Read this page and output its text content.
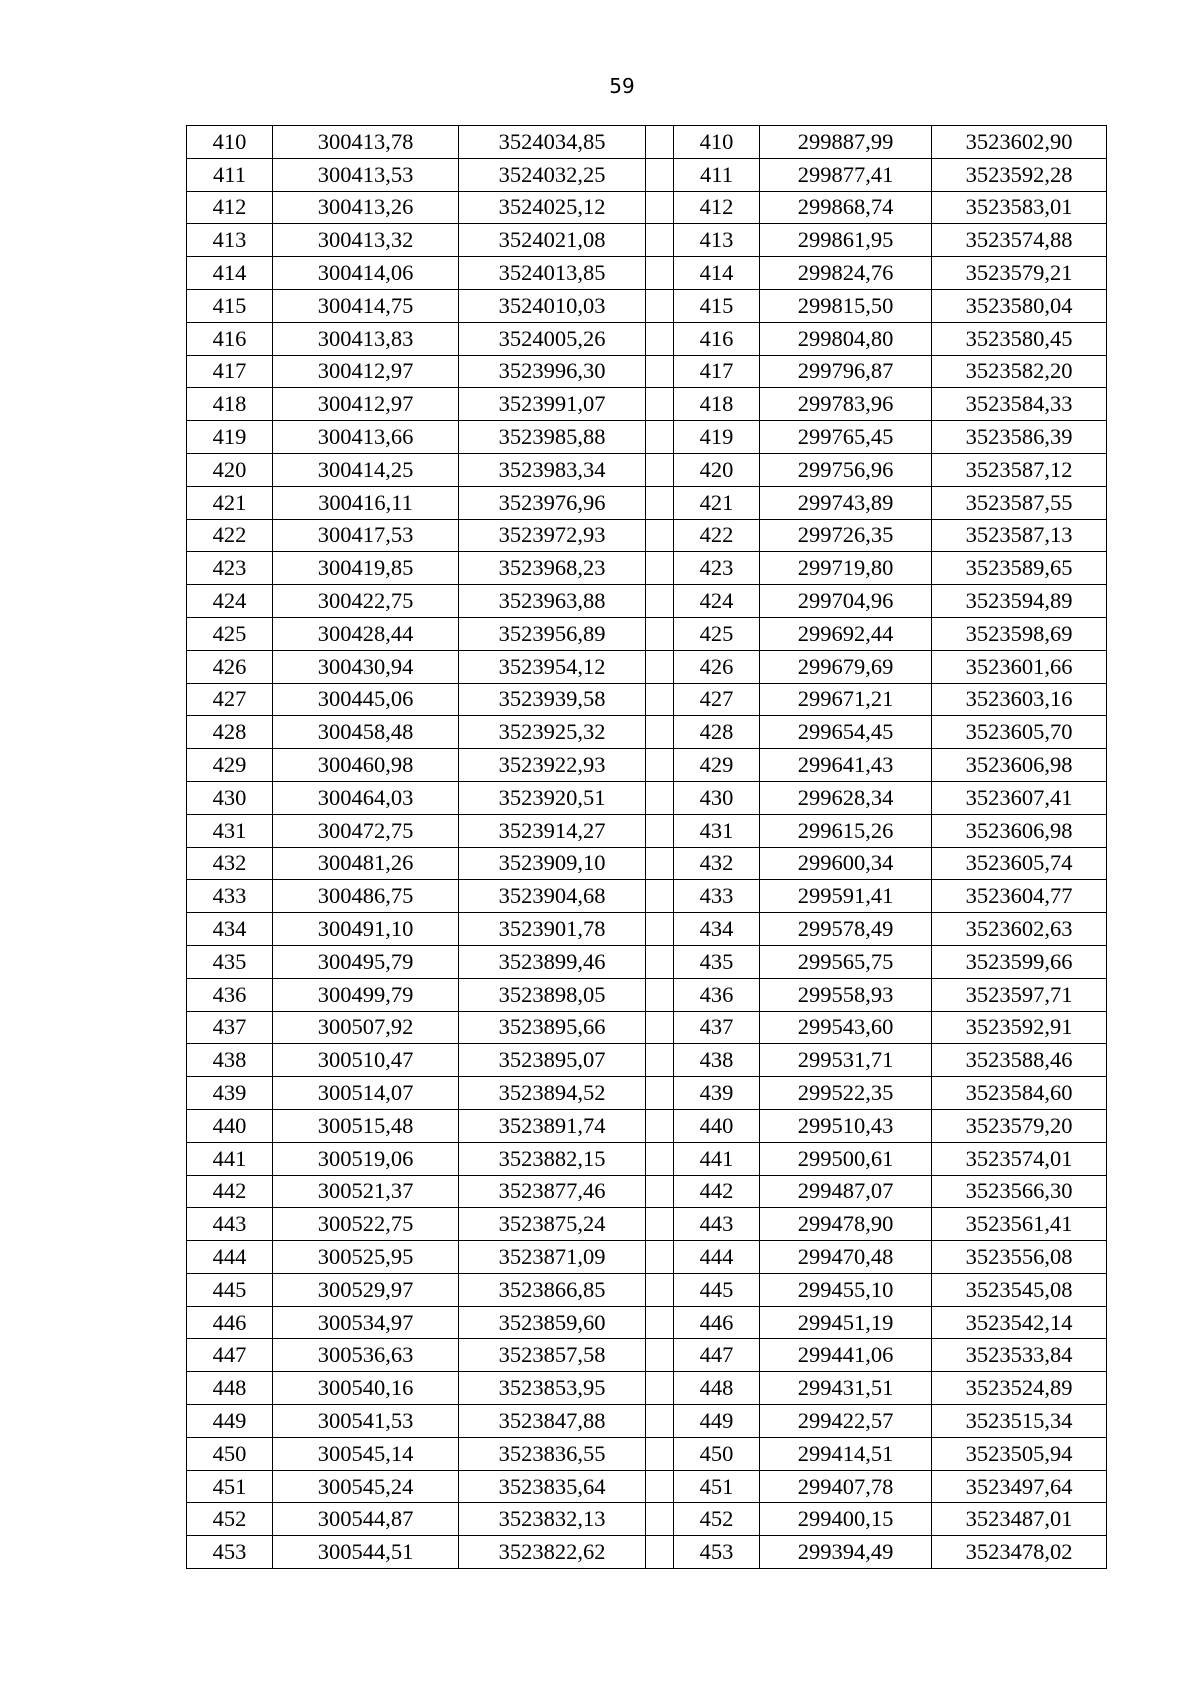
59
410	300413,78	3524034,85		410	299887,99	3523602,90
411	300413,53	3524032,25		411	299877,41	3523592,28
412	300413,26	3524025,12		412	299868,74	3523583,01
413	300413,32	3524021,08		413	299861,95	3523574,88
414	300414,06	3524013,85		414	299824,76	3523579,21
415	300414,75	3524010,03		415	299815,50	3523580,04
416	300413,83	3524005,26		416	299804,80	3523580,45
417	300412,97	3523996,30		417	299796,87	3523582,20
418	300412,97	3523991,07		418	299783,96	3523584,33
419	300413,66	3523985,88		419	299765,45	3523586,39
420	300414,25	3523983,34		420	299756,96	3523587,12
421	300416,11	3523976,96		421	299743,89	3523587,55
422	300417,53	3523972,93		422	299726,35	3523587,13
423	300419,85	3523968,23		423	299719,80	3523589,65
424	300422,75	3523963,88		424	299704,96	3523594,89
425	300428,44	3523956,89		425	299692,44	3523598,69
426	300430,94	3523954,12		426	299679,69	3523601,66
427	300445,06	3523939,58		427	299671,21	3523603,16
428	300458,48	3523925,32		428	299654,45	3523605,70
429	300460,98	3523922,93		429	299641,43	3523606,98
430	300464,03	3523920,51		430	299628,34	3523607,41
431	300472,75	3523914,27		431	299615,26	3523606,98
432	300481,26	3523909,10		432	299600,34	3523605,74
433	300486,75	3523904,68		433	299591,41	3523604,77
434	300491,10	3523901,78		434	299578,49	3523602,63
435	300495,79	3523899,46		435	299565,75	3523599,66
436	300499,79	3523898,05		436	299558,93	3523597,71
437	300507,92	3523895,66		437	299543,60	3523592,91
438	300510,47	3523895,07		438	299531,71	3523588,46
439	300514,07	3523894,52		439	299522,35	3523584,60
440	300515,48	3523891,74		440	299510,43	3523579,20
441	300519,06	3523882,15		441	299500,61	3523574,01
442	300521,37	3523877,46		442	299487,07	3523566,30
443	300522,75	3523875,24		443	299478,90	3523561,41
444	300525,95	3523871,09		444	299470,48	3523556,08
445	300529,97	3523866,85		445	299455,10	3523545,08
446	300534,97	3523859,60		446	299451,19	3523542,14
447	300536,63	3523857,58		447	299441,06	3523533,84
448	300540,16	3523853,95		448	299431,51	3523524,89
449	300541,53	3523847,88		449	299422,57	3523515,34
450	300545,14	3523836,55		450	299414,51	3523505,94
451	300545,24	3523835,64		451	299407,78	3523497,64
452	300544,87	3523832,13		452	299400,15	3523487,01
453	300544,51	3523822,62		453	299394,49	3523478,02
